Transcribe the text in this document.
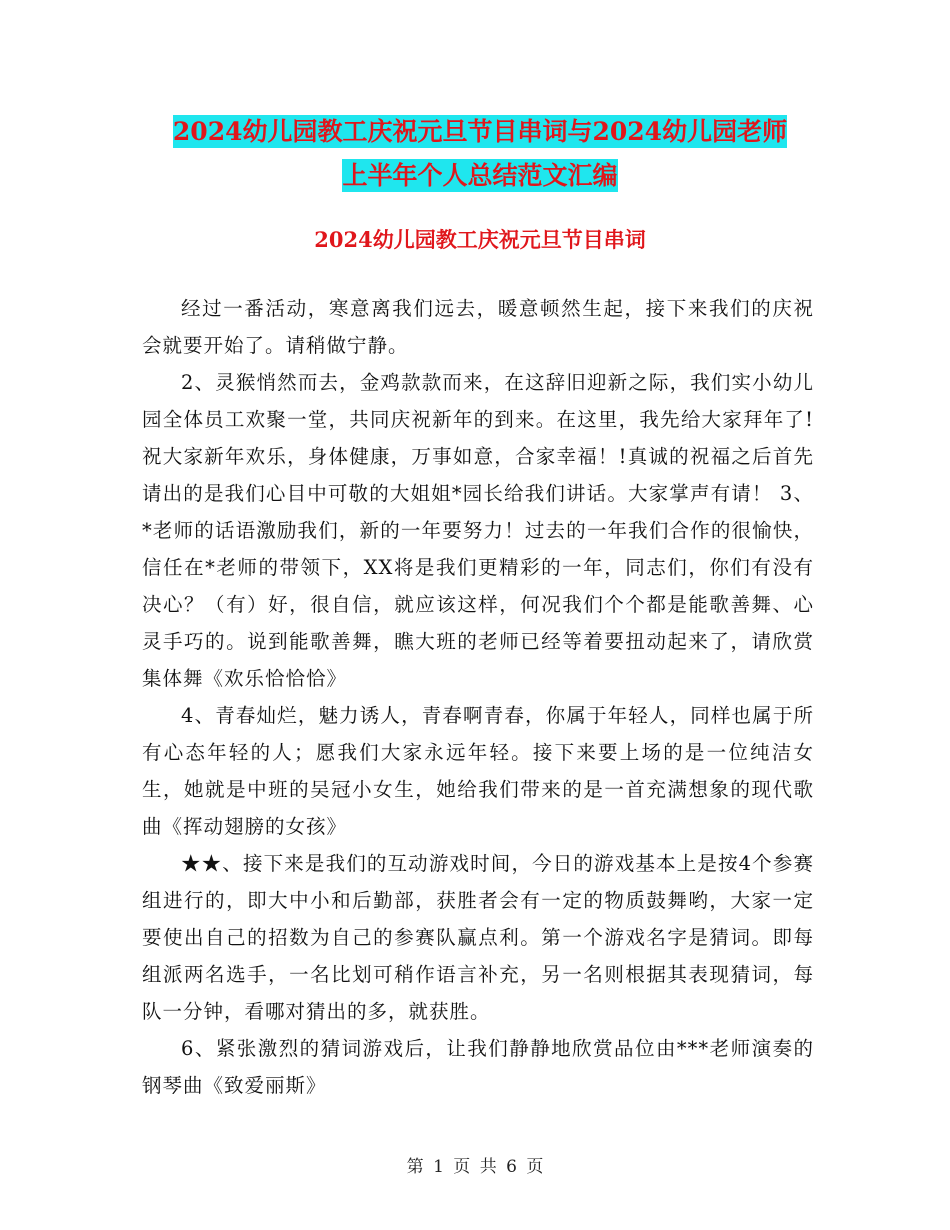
2024幼儿园教工庆祝元旦节目串词与2024幼儿园老师
上半年个人总结范文汇编
2024幼儿园教工庆祝元旦节目串词

经过一番活动，寒意离我们远去，暖意顿然生起，接下来我们的庆祝会就要开始了。请稍做宁静。

2、灵猴悄然而去，金鸡款款而来，在这辞旧迎新之际，我们实小幼儿园全体员工欢聚一堂，共同庆祝新年的到来。在这里，我先给大家拜年了!祝大家新年欢乐，身体健康，万事如意，合家幸福！!真诚的祝福之后首先请出的是我们心目中可敬的大姐姐*园长给我们讲话。大家掌声有请！ 3、*老师的话语激励我们，新的一年要努力！过去的一年我们合作的很愉快，信任在*老师的带领下，XX将是我们更精彩的一年，同志们，你们有没有决心？（有）好，很自信，就应该这样，何况我们个个都是能歌善舞、心灵手巧的。说到能歌善舞，瞧大班的老师已经等着要扭动起来了，请欣赏集体舞《欢乐恰恰恰》

4、青春灿烂，魅力诱人，青春啊青春，你属于年轻人，同样也属于所有心态年轻的人；愿我们大家永远年轻。接下来要上场的是一位纯洁女生，她就是中班的吴冠小女生，她给我们带来的是一首充满想象的现代歌曲《挥动翅膀的女孩》

★★、接下来是我们的互动游戏时间，今日的游戏基本上是按4个参赛组进行的，即大中小和后勤部，获胜者会有一定的物质鼓舞哟，大家一定要使出自己的招数为自己的参赛队赢点利。第一个游戏名字是猜词。即每组派两名选手，一名比划可稍作语言补充，另一名则根据其表现猜词，每队一分钟，看哪对猜出的多，就获胜。

6、紧张激烈的猜词游戏后，让我们静静地欣赏品位由***老师演奏的钢琴曲《致爱丽斯》

第 1 页 共 6 页
